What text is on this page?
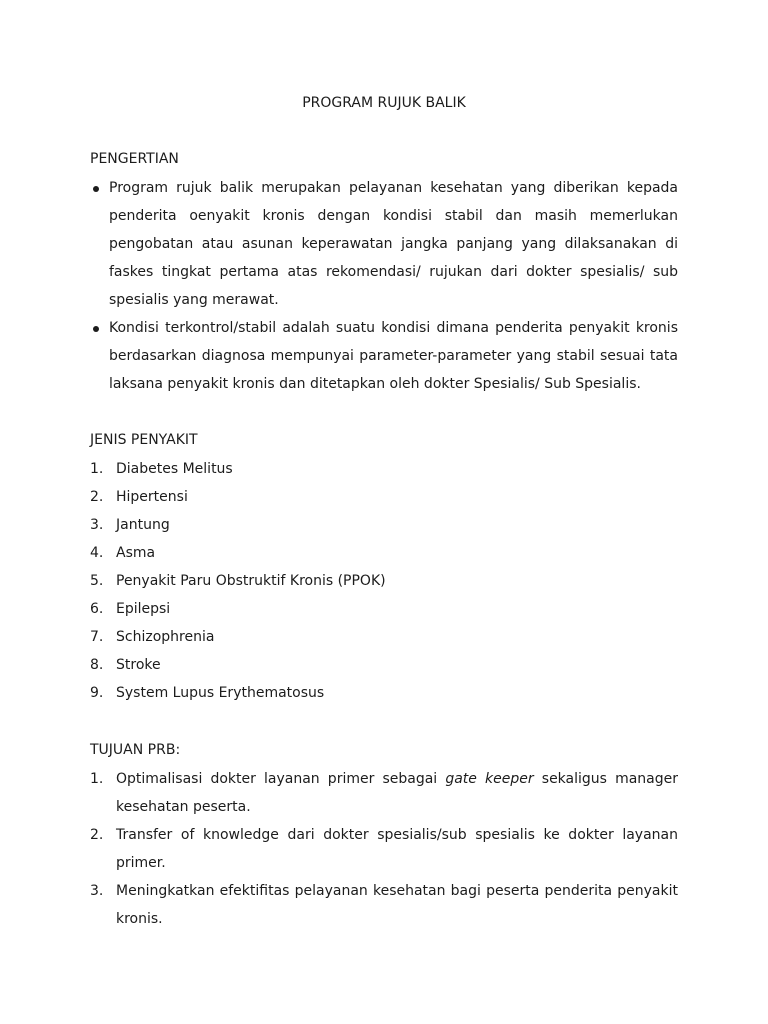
PROGRAM RUJUK BALIK
PENGERTIAN
Program rujuk balik merupakan pelayanan kesehatan yang diberikan kepada penderita oenyakit kronis dengan kondisi stabil dan masih memerlukan pengobatan atau asunan keperawatan jangka panjang yang dilaksanakan di faskes tingkat pertama atas rekomendasi/ rujukan dari dokter spesialis/ sub spesialis yang merawat.
Kondisi terkontrol/stabil adalah suatu kondisi dimana penderita penyakit kronis berdasarkan diagnosa mempunyai parameter-parameter yang stabil sesuai tata laksana penyakit kronis dan ditetapkan oleh dokter Spesialis/ Sub Spesialis.
JENIS PENYAKIT
1. Diabetes Melitus
2. Hipertensi
3. Jantung
4. Asma
5. Penyakit Paru Obstruktif Kronis (PPOK)
6. Epilepsi
7. Schizophrenia
8. Stroke
9. System Lupus Erythematosus
TUJUAN PRB:
1. Optimalisasi dokter layanan primer sebagai gate keeper sekaligus manager kesehatan peserta.
2. Transfer of knowledge dari dokter spesialis/sub spesialis ke dokter layanan primer.
3. Meningkatkan efektifitas pelayanan kesehatan bagi peserta penderita penyakit kronis.
